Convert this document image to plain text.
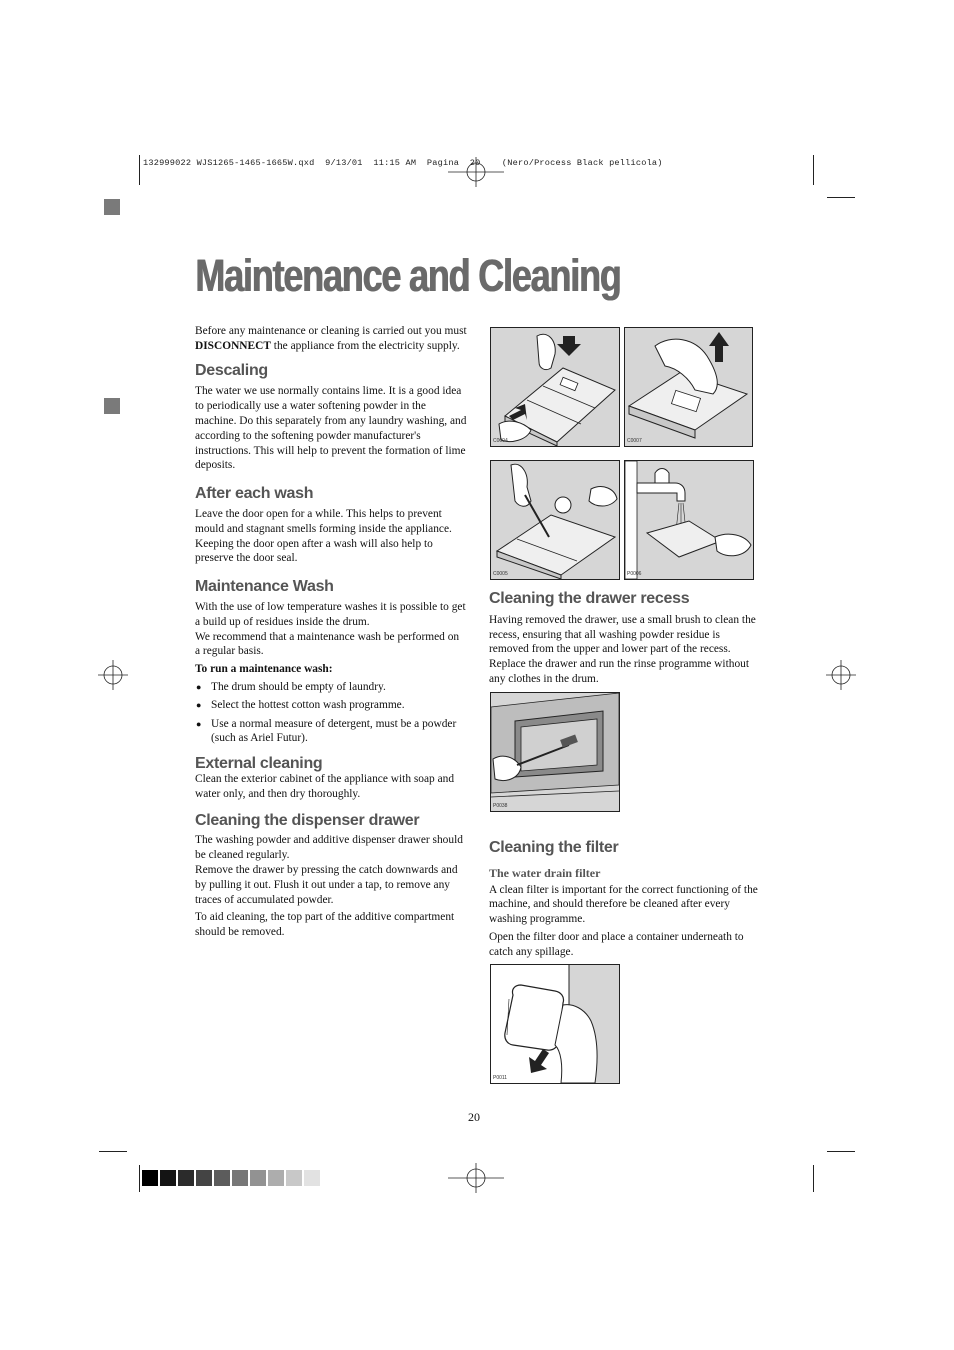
132999022 WJS1265-1465-1665W.qxd  9/13/01  11:15 AM  Pagina  20    (Nero/Process Black pellicola)
Maintenance and Cleaning

Before any maintenance or cleaning is carried out you must DISCONNECT the appliance from the electricity supply.

Descaling

The water we use normally contains lime. It is a good idea to periodically use a water softening powder in the machine. Do this separately from any laundry washing, and according to the softening powder manufacturer's instructions. This will help to prevent the formation of lime deposits.

After each wash

Leave the door open for a while. This helps to prevent mould and stagnant smells forming inside the appliance. Keeping the door open after a wash will also help to preserve the door seal.

Maintenance Wash

With the use of low temperature washes it is possible to get a build up of residues inside the drum.

We recommend that a maintenance wash be performed on a regular basis.

To run a maintenance wash:

● The drum should be empty of laundry.
● Select the hottest cotton wash programme.
● Use a normal measure of detergent, must be a powder (such as Ariel Futur).
External cleaning

Clean the exterior cabinet of the appliance with soap and water only, and then dry thoroughly.

Cleaning the dispenser drawer

The washing powder and additive dispenser drawer should be cleaned regularly.

Remove the drawer by pressing the catch downwards and by pulling it out. Flush it out under a tap, to remove any traces of accumulated powder.

To aid cleaning, the top part of the additive compartment should be removed.

C0004	C0007
C0005	P0006
Cleaning the drawer recess

Having removed the drawer, use a small brush to clean the recess, ensuring that all washing powder residue is removed from the upper and lower part of the recess. Replace the drawer and run the rinse programme without any clothes in the drum.

P0038
Cleaning the filter
The water drain filter

A clean filter is important for the correct functioning of the machine, and should therefore be cleaned after every washing programme.

Open the filter door and place a container underneath to catch any spillage.

P0011
20
